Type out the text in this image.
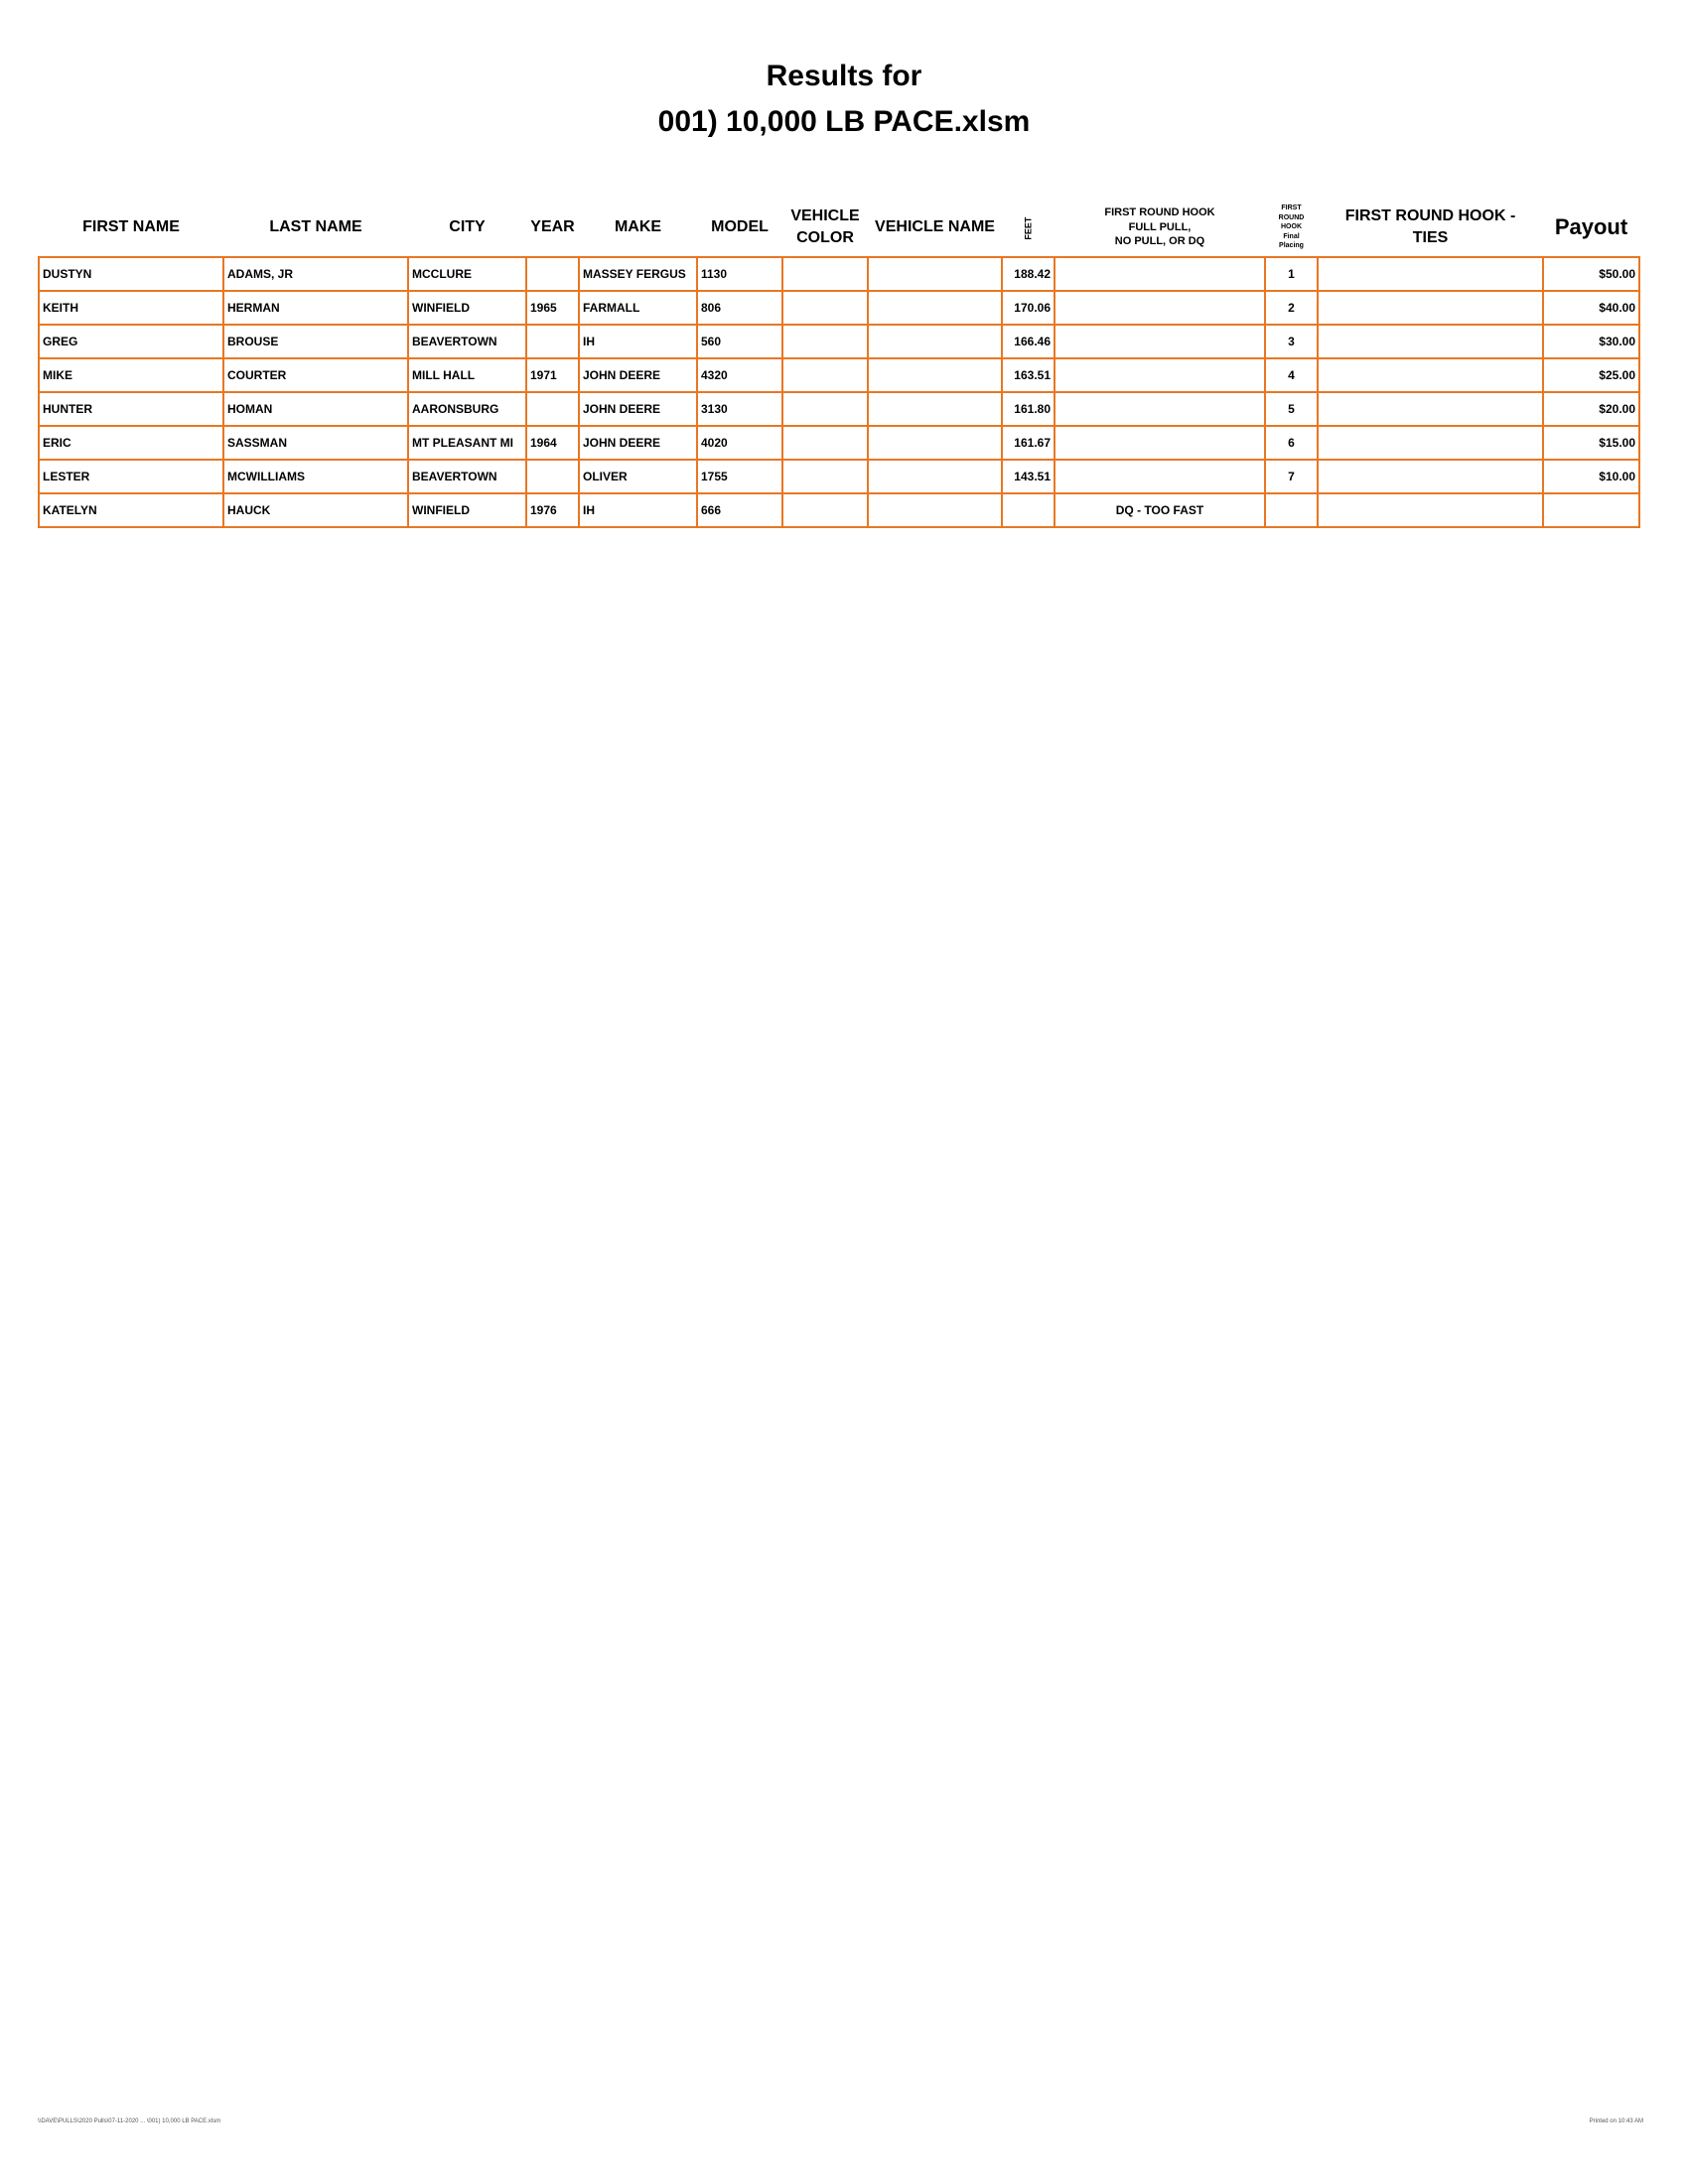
Results for
001) 10,000 LB PACE.xlsm
FIRST NAME	LAST NAME	CITY	YEAR	MAKE	MODEL	VEHICLE
COLOR	VEHICLE NAME	FEET	FIRST ROUND HOOK
FULL PULL,
NO PULL, OR DQ	FIRST
ROUND
HOOK
Final
Placing	FIRST ROUND HOOK -
TIES	Payout
DUSTYN	ADAMS, JR	MCCLURE		MASSEY FERGUS	1130			188.42		1		$50.00
KEITH	HERMAN	WINFIELD	1965	FARMALL	806			170.06		2		$40.00
GREG	BROUSE	BEAVERTOWN		IH	560			166.46		3		$30.00
MIKE	COURTER	MILL HALL	1971	JOHN DEERE	4320			163.51		4		$25.00
HUNTER	HOMAN	AARONSBURG		JOHN DEERE	3130			161.80		5		$20.00
ERIC	SASSMAN	MT PLEASANT MI	1964	JOHN DEERE	4020			161.67		6		$15.00
LESTER	MCWILLIAMS	BEAVERTOWN		OLIVER	1755			143.51		7		$10.00
KATELYN	HAUCK	WINFIELD	1976	IH	666				DQ - TOO FAST			
\\DAVE\PULLS\2020 Pulls\07-11-2020 ... \001) 10,000 LB PACE.xlsm	Printed on 10:43 AM
